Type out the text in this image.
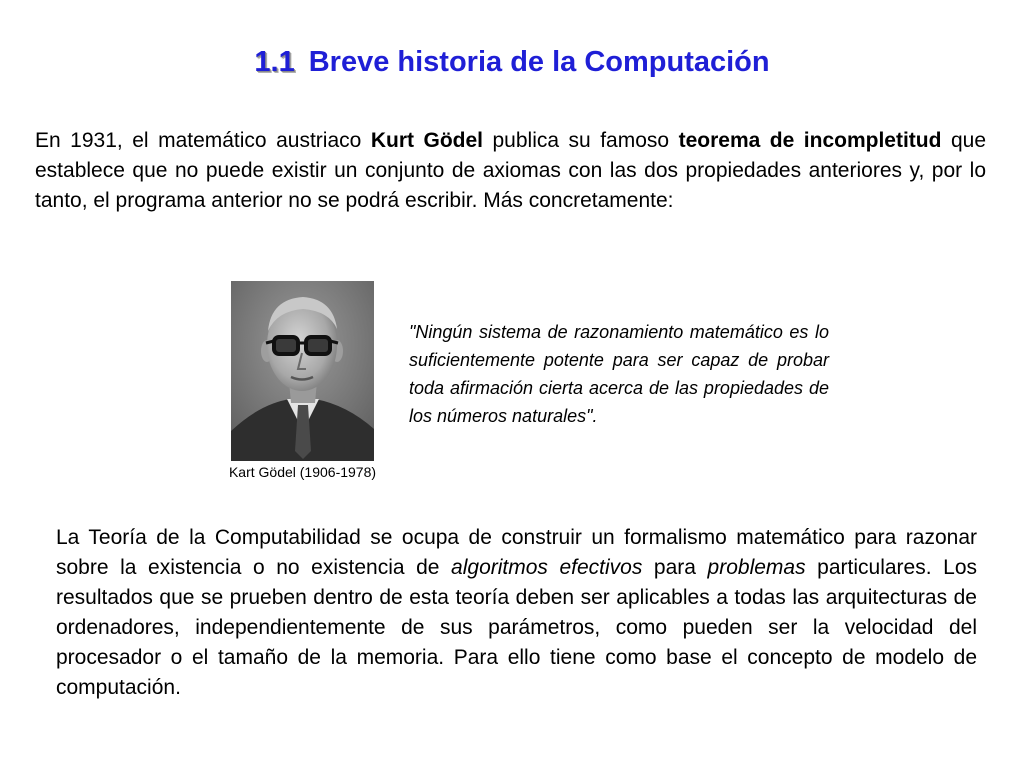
1.1 Breve historia de la Computación
En 1931, el matemático austriaco Kurt Gödel publica su famoso teorema de incompletitud que establece que no puede existir un conjunto de axiomas con las dos propiedades anteriores y, por lo tanto, el programa anterior no se podrá escribir. Más concretamente:
Kart Gödel (1906-1978)
"Ningún sistema de razonamiento matemático es lo suficientemente potente para ser capaz de probar toda afirmación cierta acerca de las propiedades de los números naturales".
La Teoría de la Computabilidad se ocupa de construir un formalismo matemático para razonar sobre la existencia o no existencia de algoritmos efectivos para problemas particulares. Los resultados que se prueben dentro de esta teoría deben ser aplicables a todas las arquitecturas de ordenadores, independientemente de sus parámetros, como pueden ser la velocidad del procesador o el tamaño de la memoria. Para ello tiene como base el concepto de modelo de computación.
